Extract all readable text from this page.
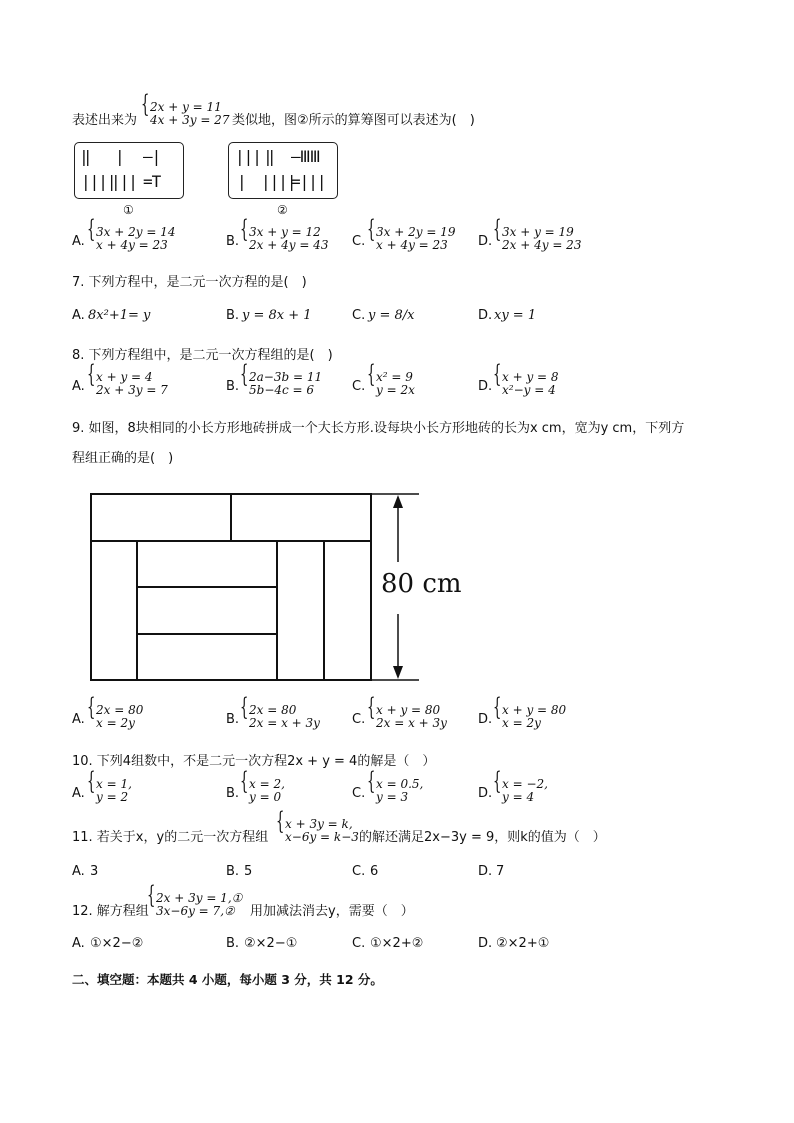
表述出来为
{ 2x + y = 11
4x + 3y = 27 类似地，图②所示的算筹图可以表述为(　)
‖ | —|
||||
||| =T
①
||| ‖ —ⅢⅢ
| ||||
=|||
②
A.
{ 3x + 2y = 14
x + 4y = 23	B.
{ 3x + y = 12
2x + 4y = 43 C.
{ 3x + 2y = 19
x + 4y = 23	D.
{ 3x + y = 19
2x + 4y = 23
7. 下列方程中，是二元一次方程的是(　)
A. 8x²+1= y	B. y = 8x + 1	C. y = 8/x	D. xy = 1
8. 下列方程组中，是二元一次方程组的是(　)
A.
{ x + y = 4
2x + 3y = 7	B.
{ 2a−3b = 11
5b−4c = 6	C.
{ x² = 9
y = 2x	D.
{ x + y = 8
x²−y = 4
9. 如图，8块相同的小长方形地砖拼成一个大长方形.设每块小长方形地砖的长为x cm，宽为y cm，下列方
程组正确的是(　)
80 cm
A.
{ 2x = 80
x = 2y	B.
{ 2x = 80
2x = x + 3y C.
{ x + y = 80
2x = x + 3y D.
{ x + y = 80
x = 2y
10. 下列4组数中，不是二元一次方程2x + y = 4的解是（　）
A.
{ x = 1,
y = 2	B.
{ x = 2,
y = 0	C.
{ x = 0.5,
y = 3	D.
{ x = −2,
y = 4
11. 若关于x，y的二元一次方程组
{ x + 3y = k,
x−6y = k−3 的解还满足2x−3y = 9，则k的值为（　）
A. 3	B. 5	C. 6	D. 7
12. 解方程组
{ 2x + 3y = 1,①
3x−6y = 7,②	用加减法消去y，需要（　）
A. ①×2−②	B. ②×2−①	C. ①×2+②	D. ②×2+①
二、填空题：本题共 4 小题，每小题 3 分，共 12 分。
